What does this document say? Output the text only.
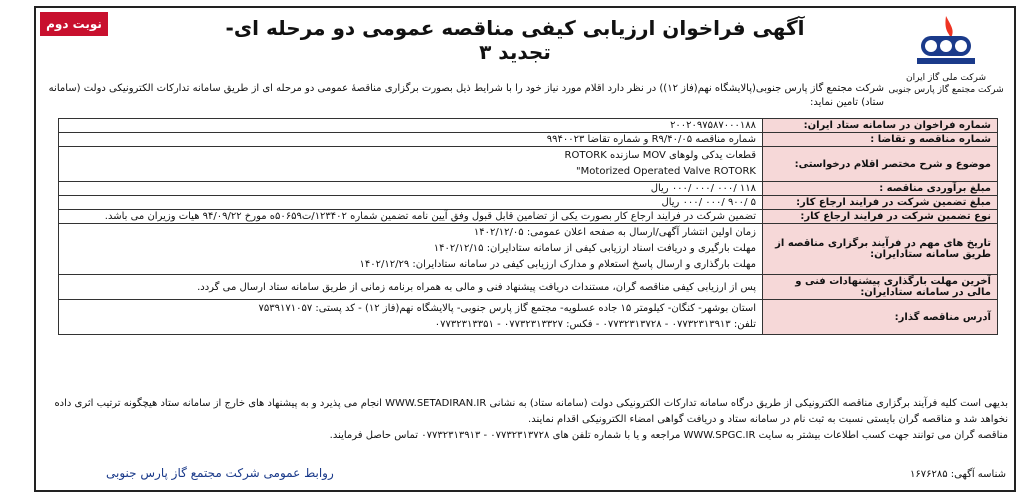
نوبت دوم	آگهی فراخوان ارزیابی کیفی مناقصه عمومی دو مرحله ای- تجدید ۳
شرکت ملی گاز ایران
شرکت مجتمع گاز پارس جنوبی
شرکت مجتمع گاز پارس جنوبی(پالایشگاه نهم(فاز ۱۲)) در نظر دارد اقلام مورد نیاز خود را با شرایط ذیل بصورت برگزاری مناقصهٔ عمومی دو مرحله ای از طریق سامانه تدارکات الکترونیکی دولت (سامانه ستاد) تامین نماید:
شماره فراخوان در سامانه ستاد ایران:	۲۰۰۲۰۹۷۵۸۷۰۰۰۱۸۸
شماره مناقصه و تقاضا :	شماره مناقصه R۹/۴۰/۰۵ و شماره تقاضا ۹۹۴۰۰۲۳
موضوع و شرح مختصر اقلام درخواستی:	قطعات یدکی ولوهای MOV سازنده ROTORK
Motorized Operated Valve ROTORK"

مبلغ برآوردی مناقصه :	۱۱۸ /۰۰۰ /۰۰۰ /۰۰۰ ریال
مبلغ تضمین شرکت در فرایند ارجاع کار:	۵ /۹۰۰ /۰۰۰ /۰۰۰ ریال
نوع تضمین شرکت در فرایند ارجاع کار:	تضمین شرکت در فرایند ارجاع کار بصورت یکی از تضامین قابل قبول وفق آیین نامه تضمین شماره ۱۲۳۴۰۲/ت۵۰۶۵۹ه مورخ ۹۴/۰۹/۲۲ هیات وزیران می باشد.
تاریخ های مهم در فرآیند برگزاری مناقصه از طریق سامانه ستادایران:	زمان اولین انتشار آگهی/ارسال به صفحه اعلان عمومی: ۱۴۰۲/۱۲/۰۵
مهلت بارگیری و دریافت اسناد ارزیابی کیفی از سامانه ستادایران: ۱۴۰۲/۱۲/۱۵
مهلت بارگذاری و ارسال پاسخ استعلام و مدارک ارزیابی کیفی در سامانه ستادایران: ۱۴۰۲/۱۲/۲۹

آخرین مهلت بارگذاری پیشنهادات فنی و مالی در سامانه ستادایران:	پس از ارزیابی کیفی مناقصه گران، مستندات دریافت پیشنهاد فنی و مالی به همراه برنامه زمانی از طریق سامانه ستاد ارسال می گردد.
آدرس مناقصه گذار:	استان بوشهر- کنگان- کیلومتر ۱۵ جاده عسلویه- مجتمع گاز پارس جنوبی- پالایشگاه نهم(فاز ۱۲) - کد پستی: ۷۵۳۹۱۷۱۰۵۷
تلفن: ۰۷۷۳۲۳۱۳۹۱۳ - ۰۷۷۳۲۳۱۳۷۲۸ - فکس: ۰۷۷۳۲۳۱۳۳۲۷ - ۰۷۷۳۲۳۱۳۳۵۱
بدیهی است کلیه فرآیند برگزاری مناقصه الکترونیکی از طریق درگاه سامانه تدارکات الکترونیکی دولت (سامانه ستاد) به نشانی WWW.SETADIRAN.IR انجام می پذیرد و به پیشنهاد های خارج از سامانه ستاد هیچگونه ترتیب اثری داده نخواهد شد و مناقصه گران بایستی نسبت به ثبت نام در سامانه ستاد و دریافت گواهی امضاء الکترونیکی اقدام نمایند.
مناقصه گران می توانند جهت کسب اطلاعات بیشتر به سایت WWW.SPGC.IR مراجعه و یا با شماره تلفن های ۰۷۷۳۲۳۱۳۷۲۸ - ۰۷۷۳۲۳۱۳۹۱۳ تماس حاصل فرمایند.
شناسه آگهی: ۱۶۷۶۲۸۵
روابط عمومی شرکت مجتمع گاز پارس جنوبی
